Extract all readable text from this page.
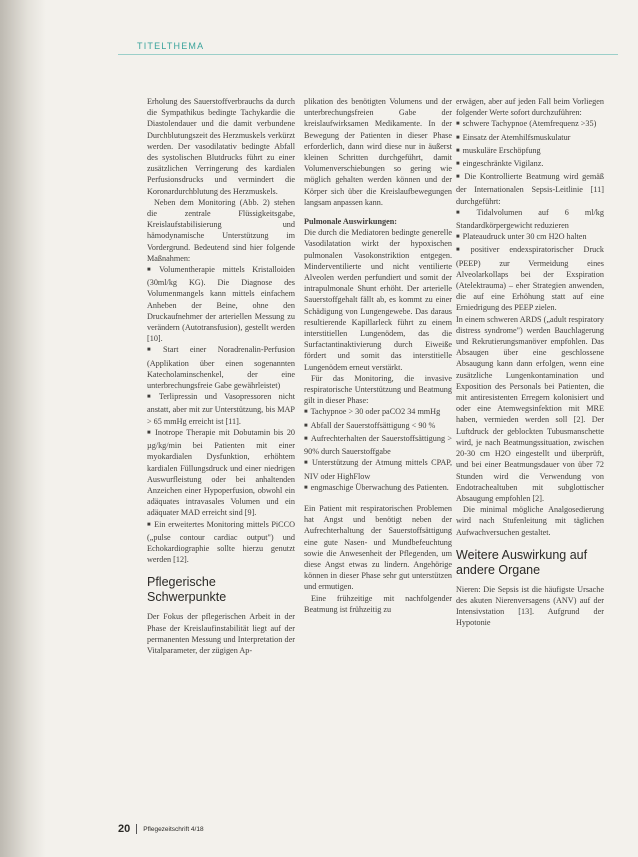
TITELTHEMA

Erholung des Sauerstoffverbrauchs da durch die Sympathikus bedingte Tachykardie die Diastolendauer und die damit verbundene Durchblutungszeit des Herzmuskels verkürzt werden. Der vasodilatativ bedingte Abfall des systolischen Blutdrucks führt zu einer zusätzlichen Verringerung des kardialen Perfusionsdrucks und vermindert die Koronardurchblutung des Herzmuskels.

Neben dem Monitoring (Abb. 2) stehen die zentrale Flüssigkeitsgabe, Kreislaufstabilisierung und hämodynamische Unterstützung im Vordergrund. Bedeutend sind hier folgende Maßnahmen:

■ Volumentherapie mittels Kristalloiden (30ml/kg KG). Die Diagnose des Volumenmangels kann mittels einfachem Anheben der Beine, ohne den Druckaufnehmer der arteriellen Messung zu verändern (Autotransfusion), gestellt werden [10].

■ Start einer Noradrenalin-Perfusion (Applikation über einen sogenannten Katecholaminschenkel, der eine unterbrechungsfreie Gabe gewährleistet)

■ Terlipressin und Vasopressoren nicht anstatt, aber mit zur Unterstützung, bis MAP > 65 mmHg erreicht ist [11].

■ Inotrope Therapie mit Dobutamin bis 20 µg/kg/min bei Patienten mit einer myokardialen Dysfunktion, erhöhtem kardialen Füllungsdruck und einer niedrigen Auswurfleistung oder bei anhaltenden Anzeichen einer Hypoperfusion, obwohl ein adäquates intravasales Volumen und ein adäquater MAD erreicht sind [9].

■ Ein erweitertes Monitoring mittels PiCCO („pulse contour cardiac output") und Echokardiographie sollte hierzu genutzt werden [12].

Pflegerische Schwerpunkte

Der Fokus der pflegerischen Arbeit in der Phase der Kreislaufinstabilität liegt auf der permanenten Messung und Interpretation der Vitalparameter, der zügigen Ap-

plikation des benötigten Volumens und der unterbrechungsfreien Gabe der kreislaufwirksamen Medikamente. In der Bewegung der Patienten in dieser Phase erforderlich, dann wird diese nur in äußerst kleinen Schritten durchgeführt, damit Volumenverschiebungen so gering wie möglich gehalten werden können und der Körper sich über die Kreislaufbewegungen langsam anpassen kann.

Pulmonale Auswirkungen:

Die durch die Mediatoren bedingte generelle Vasodilatation wirkt der hypoxischen pulmonalen Vasokonstriktion entgegen. Minderventilierte und nicht ventilierte Alveolen werden perfundiert und somit der intrapulmonale Shunt erhöht. Der arterielle Sauerstoffgehalt fällt ab, es kommt zu einer Schädigung von Lungengewebe. Das daraus resultierende Kapillarleck führt zu einem interstitiellen Lungenödem, das die Surfactantinaktivierung durch Eiweiße fördert und somit das interstitielle Lungenödem erneut verstärkt.

Für das Monitoring, die invasive respiratorische Unterstützung und Beatmung gilt in dieser Phase:

■ Tachypnoe > 30 oder paCO2 34 mmHg

■ Abfall der Sauerstoffsättigung < 90 %

■ Aufrechterhalten der Sauerstoffsättigung > 90% durch Sauerstoffgabe

■ Unterstützung der Atmung mittels CPAP, NIV oder HighFlow

■ engmaschige Überwachung des Patienten.

Ein Patient mit respiratorischen Problemen hat Angst und benötigt neben der Aufrechterhaltung der Sauerstoffsättigung eine gute Nasen- und Mundbefeuchtung sowie die Anwesenheit der Pflegenden, um diese Angst etwas zu lindern. Angehörige können in dieser Phase sehr gut unterstützen und ermutigen.

Eine frühzeitige mit nachfolgender Beatmung ist frühzeitig zu

erwägen, aber auf jeden Fall beim Vorliegen folgender Werte sofort durchzuführen:

■ schwere Tachypnoe (Atemfrequenz >35)

■ Einsatz der Atemhilfsmuskulatur

■ muskuläre Erschöpfung

■ eingeschränkte Vigilanz.

■ Die Kontrollierte Beatmung wird gemäß der Internationalen Sepsis-Leitlinie [11] durchgeführt:

■ Tidalvolumen auf 6 ml/kg Standardkörpergewicht reduzieren

■ Plateaudruck unter 30 cm H2O halten

■ positiver endexspiratorischer Druck (PEEP) zur Vermeidung eines Alveolarkollaps bei der Exspiration (Atelektrauma) – eher Strategien anwenden, die auf eine Erhöhung statt auf eine Erniedrigung des PEEP zielen.

In einem schweren ARDS („adult respiratory distress syndrome") werden Bauchlagerung und Rekrutierungsmanöver empfohlen. Das Absaugen über eine geschlossene Absaugung kann dann erfolgen, wenn eine zusätzliche Lungenkontamination und Exposition des Personals bei Patienten, die mit antiresistenten Erregern kolonisiert und oder eine Atemwegsinfektion mit MRE haben, vermieden werden soll [2]. Der Luftdruck der geblockten Tubusmanschette wird, je nach Beatmungssituation, zwischen 20-30 cm H2O eingestellt und überprüft, und bei einer Beatmungsdauer von über 72 Stunden wird die Verwendung von Endotrachealtuben mit subglottischer Absaugung empfohlen [2].

Die minimal mögliche Analgosedierung wird nach Stufenleitung mit täglichen Aufwachversuchen gestaltet.

Weitere Auswirkung auf andere Organe

Nieren: Die Sepsis ist die häufigste Ursache des akuten Nierenversagens (ANV) auf der Intensivstation [13]. Aufgrund der Hypotonie

20 Pflegezeitschrift 4/18
